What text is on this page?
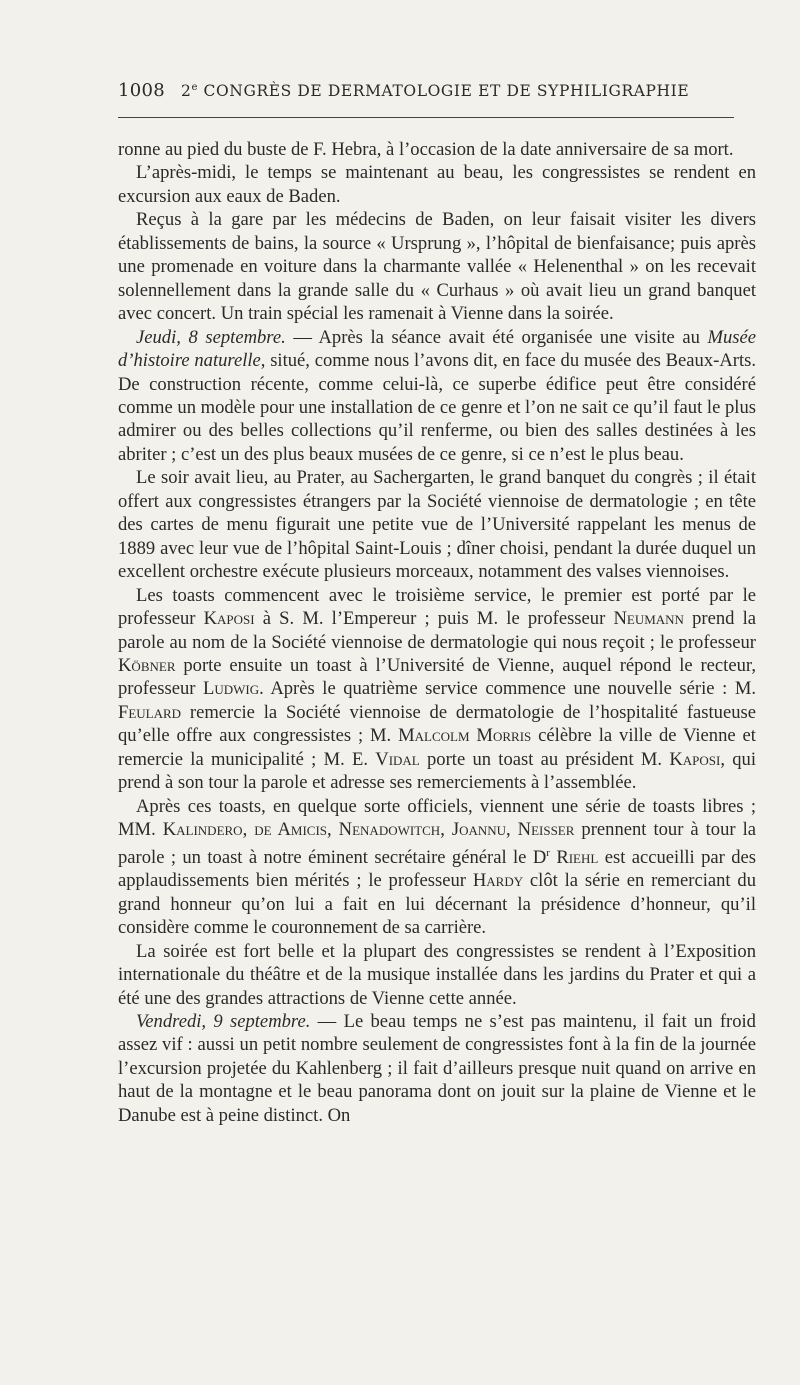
1008 2e CONGRÈS DE DERMATOLOGIE ET DE SYPHILIGRAPHIE

ronne au pied du buste de F. Hebra, à l’occasion de la date anniversaire de sa mort.

L’après-midi, le temps se maintenant au beau, les congressistes se rendent en excursion aux eaux de Baden.

Reçus à la gare par les médecins de Baden, on leur faisait visiter les divers établissements de bains, la source « Ursprung », l’hôpital de bienfaisance; puis après une promenade en voiture dans la charmante vallée « Helenenthal » on les recevait solennellement dans la grande salle du « Curhaus » où avait lieu un grand banquet avec concert. Un train spécial les ramenait à Vienne dans la soirée.

Jeudi, 8 septembre. — Après la séance avait été organisée une visite au Musée d’histoire naturelle, situé, comme nous l’avons dit, en face du musée des Beaux-Arts. De construction récente, comme celui-là, ce superbe édifice peut être considéré comme un modèle pour une installation de ce genre et l’on ne sait ce qu’il faut le plus admirer ou des belles collections qu’il renferme, ou bien des salles destinées à les abriter ; c’est un des plus beaux musées de ce genre, si ce n’est le plus beau.

Le soir avait lieu, au Prater, au Sachergarten, le grand banquet du congrès ; il était offert aux congressistes étrangers par la Société viennoise de dermatologie ; en tête des cartes de menu figurait une petite vue de l’Université rappelant les menus de 1889 avec leur vue de l’hôpital Saint-Louis ; dîner choisi, pendant la durée duquel un excellent orchestre exécute plusieurs morceaux, notamment des valses viennoises.

Les toasts commencent avec le troisième service, le premier est porté par le professeur Kaposi à S. M. l’Empereur ; puis M. le professeur Neumann prend la parole au nom de la Société viennoise de dermatologie qui nous reçoit ; le professeur Köbner porte ensuite un toast à l’Université de Vienne, auquel répond le recteur, professeur Ludwig. Après le quatrième service commence une nouvelle série : M. Feulard remercie la Société viennoise de dermatologie de l’hospitalité fastueuse qu’elle offre aux congressistes ; M. Malcolm Morris célèbre la ville de Vienne et remercie la municipalité ; M. E. Vidal porte un toast au président M. Kaposi, qui prend à son tour la parole et adresse ses remerciements à l’assemblée.

Après ces toasts, en quelque sorte officiels, viennent une série de toasts libres ; MM. Kalindero, de Amicis, Nenadowitch, Joannu, Neisser prennent tour à tour la parole ; un toast à notre éminent secrétaire général le $D^r$ Riehl est accueilli par des applaudissements bien mérités ; le professeur Hardy clôt la série en remerciant du grand honneur qu’on lui a fait en lui décernant la présidence d’honneur, qu’il considère comme le couronnement de sa carrière.

La soirée est fort belle et la plupart des congressistes se rendent à l’Exposition internationale du théâtre et de la musique installée dans les jardins du Prater et qui a été une des grandes attractions de Vienne cette année.

Vendredi, 9 septembre. — Le beau temps ne s’est pas maintenu, il fait un froid assez vif : aussi un petit nombre seulement de congressistes font à la fin de la journée l’excursion projetée du Kahlenberg ; il fait d’ailleurs presque nuit quand on arrive en haut de la montagne et le beau panorama dont on jouit sur la plaine de Vienne et le Danube est à peine distinct. On
